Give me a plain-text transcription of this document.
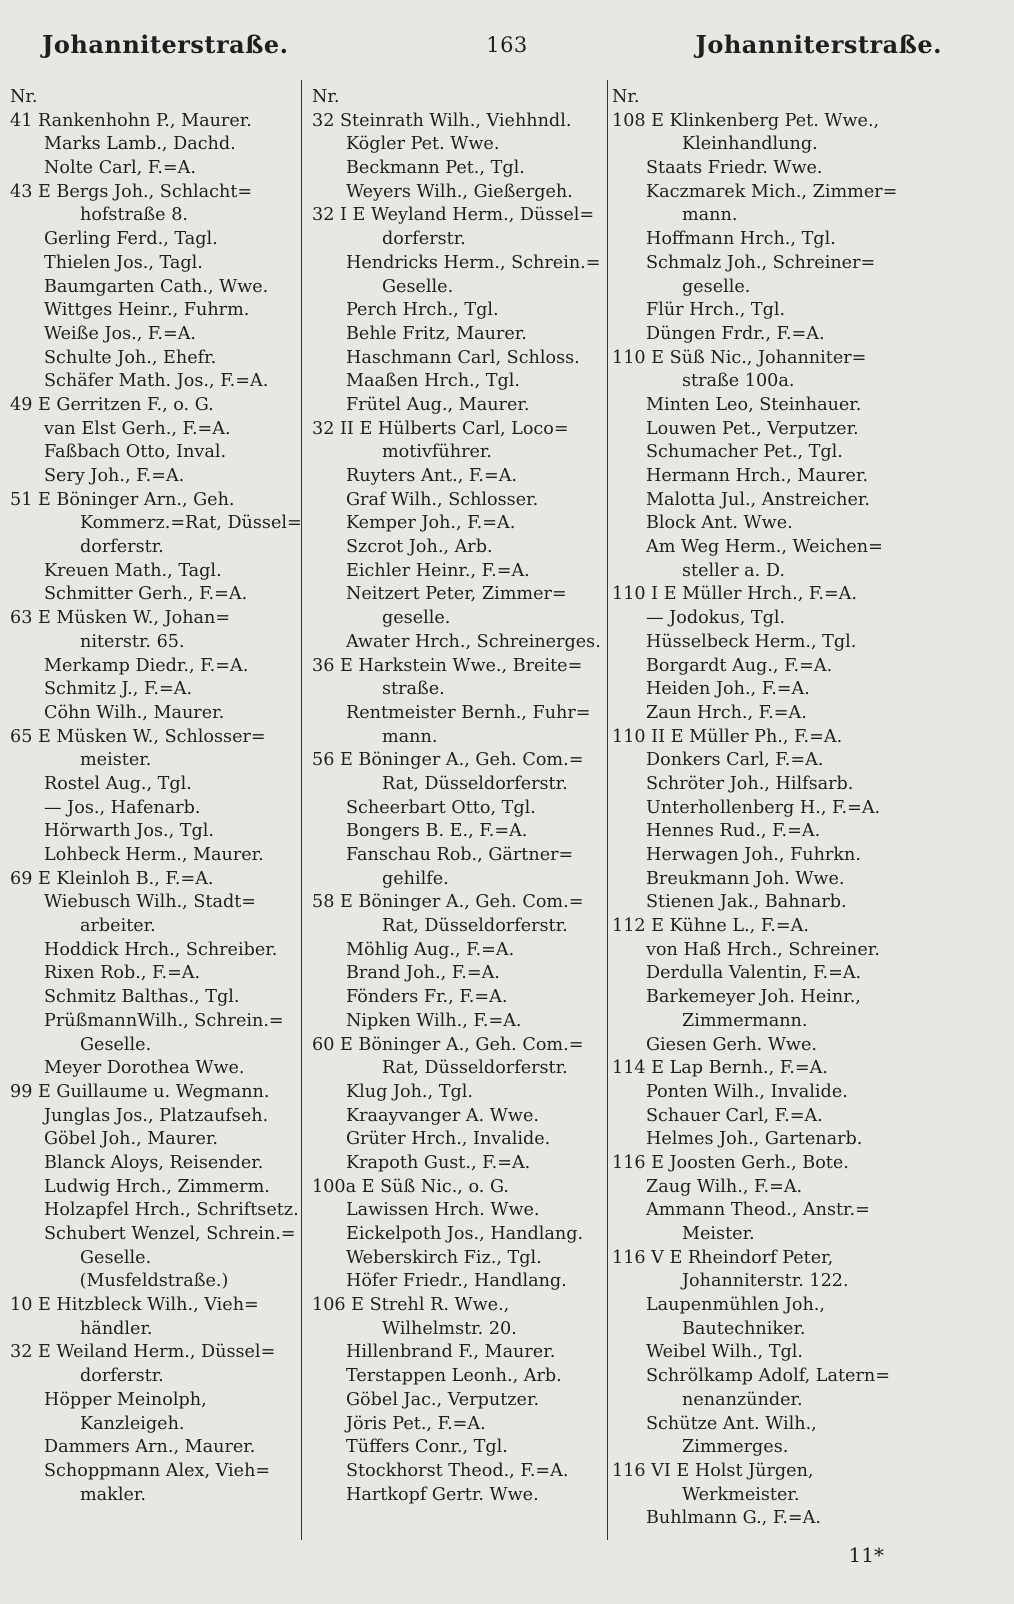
Johanniterstraße.	163	Johanniterstraße.
Nr.
41 Rankenhohn P., Maurer.
Marks Lamb., Dachd.
Nolte Carl, F.=A.
43 E Bergs Joh., Schlacht=
hofstraße 8.
Gerling Ferd., Tagl.
Thielen Jos., Tagl.
Baumgarten Cath., Wwe.
Wittges Heinr., Fuhrm.
Weiße Jos., F.=A.
Schulte Joh., Ehefr.
Schäfer Math. Jos., F.=A.
49 E Gerritzen F., o. G.
van Elst Gerh., F.=A.
Faßbach Otto, Inval.
Sery Joh., F.=A.
51 E Böninger Arn., Geh.
Kommerz.=Rat, Düssel=
dorferstr.
Kreuen Math., Tagl.
Schmitter Gerh., F.=A.
63 E Müsken W., Johan=
niterstr. 65.
Merkamp Diedr., F.=A.
Schmitz J., F.=A.
Cöhn Wilh., Maurer.
65 E Müsken W., Schlosser=
meister.
Rostel Aug., Tgl.
— Jos., Hafenarb.
Hörwarth Jos., Tgl.
Lohbeck Herm., Maurer.
69 E Kleinloh B., F.=A.
Wiebusch Wilh., Stadt=
arbeiter.
Hoddick Hrch., Schreiber.
Rixen Rob., F.=A.
Schmitz Balthas., Tgl.
PrüßmannWilh., Schrein.=
Geselle.
Meyer Dorothea Wwe.
99 E Guillaume u. Wegmann.
Junglas Jos., Platzaufseh.
Göbel Joh., Maurer.
Blanck Aloys, Reisender.
Ludwig Hrch., Zimmerm.
Holzapfel Hrch., Schriftsetz.
Schubert Wenzel, Schrein.=
Geselle.
(Musfeldstraße.)
10 E Hitzbleck Wilh., Vieh=
händler.
32 E Weiland Herm., Düssel=
dorferstr.
Höpper Meinolph,
Kanzleigeh.
Dammers Arn., Maurer.
Schoppmann Alex, Vieh=
makler.
Nr.
32 Steinrath Wilh., Viehhndl.
Kögler Pet. Wwe.
Beckmann Pet., Tgl.
Weyers Wilh., Gießergeh.
32 I E Weyland Herm., Düssel=
dorferstr.
Hendricks Herm., Schrein.=
Geselle.
Perch Hrch., Tgl.
Behle Fritz, Maurer.
Haschmann Carl, Schloss.
Maaßen Hrch., Tgl.
Frütel Aug., Maurer.
32 II E Hülberts Carl, Loco=
motivführer.
Ruyters Ant., F.=A.
Graf Wilh., Schlosser.
Kemper Joh., F.=A.
Szcrot Joh., Arb.
Eichler Heinr., F.=A.
Neitzert Peter, Zimmer=
geselle.
Awater Hrch., Schreinerges.
36 E Harkstein Wwe., Breite=
straße.
Rentmeister Bernh., Fuhr=
mann.
56 E Böninger A., Geh. Com.=
Rat, Düsseldorferstr.
Scheerbart Otto, Tgl.
Bongers B. E., F.=A.
Fanschau Rob., Gärtner=
gehilfe.
58 E Böninger A., Geh. Com.=
Rat, Düsseldorferstr.
Möhlig Aug., F.=A.
Brand Joh., F.=A.
Fönders Fr., F.=A.
Nipken Wilh., F.=A.
60 E Böninger A., Geh. Com.=
Rat, Düsseldorferstr.
Klug Joh., Tgl.
Kraayvanger A. Wwe.
Grüter Hrch., Invalide.
Krapoth Gust., F.=A.
100a E Süß Nic., o. G.
Lawissen Hrch. Wwe.
Eickelpoth Jos., Handlang.
Weberskirch Fiz., Tgl.
Höfer Friedr., Handlang.
106 E Strehl R. Wwe.,
Wilhelmstr. 20.
Hillenbrand F., Maurer.
Terstappen Leonh., Arb.
Göbel Jac., Verputzer.
Jöris Pet., F.=A.
Tüffers Conr., Tgl.
Stockhorst Theod., F.=A.
Hartkopf Gertr. Wwe.
Nr.
108 E Klinkenberg Pet. Wwe.,
Kleinhandlung.
Staats Friedr. Wwe.
Kaczmarek Mich., Zimmer=
mann.
Hoffmann Hrch., Tgl.
Schmalz Joh., Schreiner=
geselle.
Flür Hrch., Tgl.
Düngen Frdr., F.=A.
110 E Süß Nic., Johanniter=
straße 100a.
Minten Leo, Steinhauer.
Louwen Pet., Verputzer.
Schumacher Pet., Tgl.
Hermann Hrch., Maurer.
Malotta Jul., Anstreicher.
Block Ant. Wwe.
Am Weg Herm., Weichen=
steller a. D.
110 I E Müller Hrch., F.=A.
— Jodokus, Tgl.
Hüsselbeck Herm., Tgl.
Borgardt Aug., F.=A.
Heiden Joh., F.=A.
Zaun Hrch., F.=A.
110 II E Müller Ph., F.=A.
Donkers Carl, F.=A.
Schröter Joh., Hilfsarb.
Unterhollenberg H., F.=A.
Hennes Rud., F.=A.
Herwagen Joh., Fuhrkn.
Breukmann Joh. Wwe.
Stienen Jak., Bahnarb.
112 E Kühne L., F.=A.
von Haß Hrch., Schreiner.
Derdulla Valentin, F.=A.
Barkemeyer Joh. Heinr.,
Zimmermann.
Giesen Gerh. Wwe.
114 E Lap Bernh., F.=A.
Ponten Wilh., Invalide.
Schauer Carl, F.=A.
Helmes Joh., Gartenarb.
116 E Joosten Gerh., Bote.
Zaug Wilh., F.=A.
Ammann Theod., Anstr.=
Meister.
116 V E Rheindorf Peter,
Johanniterstr. 122.
Laupenmühlen Joh.,
Bautechniker.
Weibel Wilh., Tgl.
Schrölkamp Adolf, Latern=
nenanzünder.
Schütze Ant. Wilh.,
Zimmerges.
116 VI E Holst Jürgen,
Werkmeister.
Buhlmann G., F.=A.
11*
